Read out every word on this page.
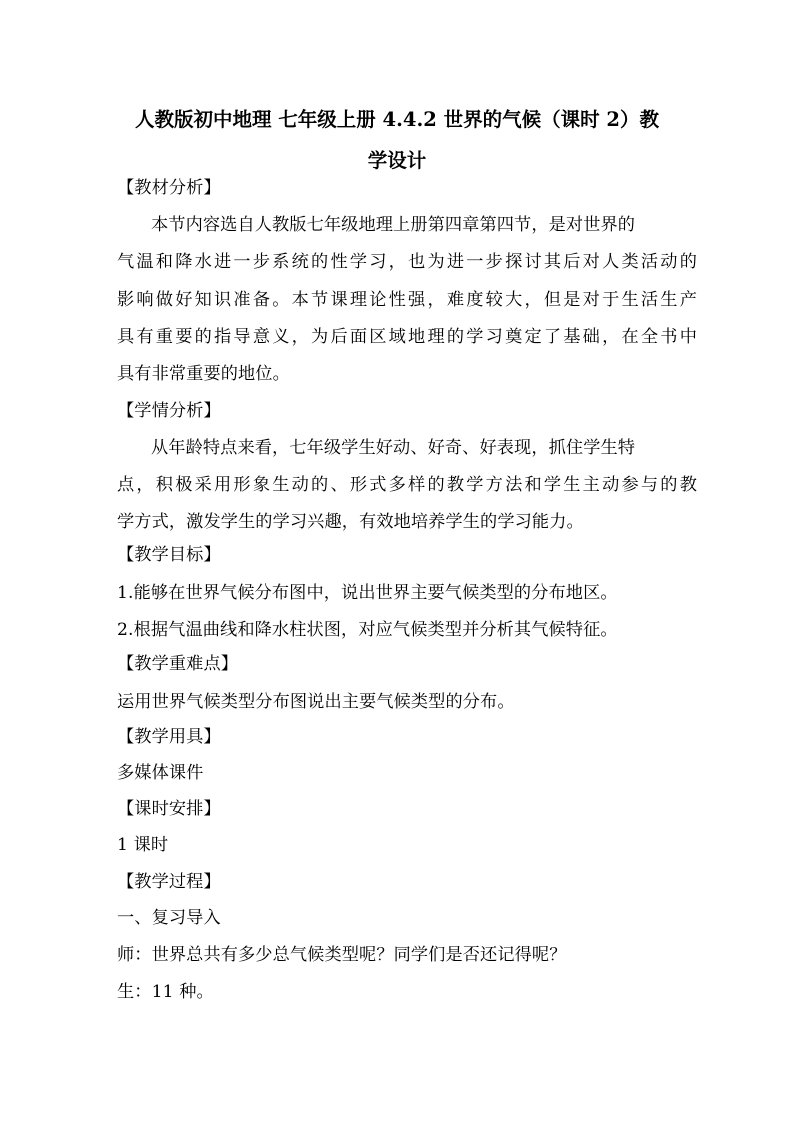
人教版初中地理 七年级上册 4.4.2 世界的气候（课时 2）教
学设计
【教材分析】
本节内容选自人教版七年级地理上册第四章第四节，是对世界的
气温和降水进一步系统的性学习，也为进一步探讨其后对人类活动的
影响做好知识准备。本节课理论性强，难度较大，但是对于生活生产
具有重要的指导意义，为后面区域地理的学习奠定了基础，在全书中
具有非常重要的地位。
【学情分析】
从年龄特点来看，七年级学生好动、好奇、好表现，抓住学生特
点，积极采用形象生动的、形式多样的教学方法和学生主动参与的教
学方式，激发学生的学习兴趣，有效地培养学生的学习能力。
【教学目标】
1.能够在世界气候分布图中，说出世界主要气候类型的分布地区。
2.根据气温曲线和降水柱状图，对应气候类型并分析其气候特征。
【教学重难点】
运用世界气候类型分布图说出主要气候类型的分布。
【教学用具】
多媒体课件
【课时安排】
1 课时
【教学过程】
一、复习导入
师：世界总共有多少总气候类型呢？同学们是否还记得呢？
生：11 种。
